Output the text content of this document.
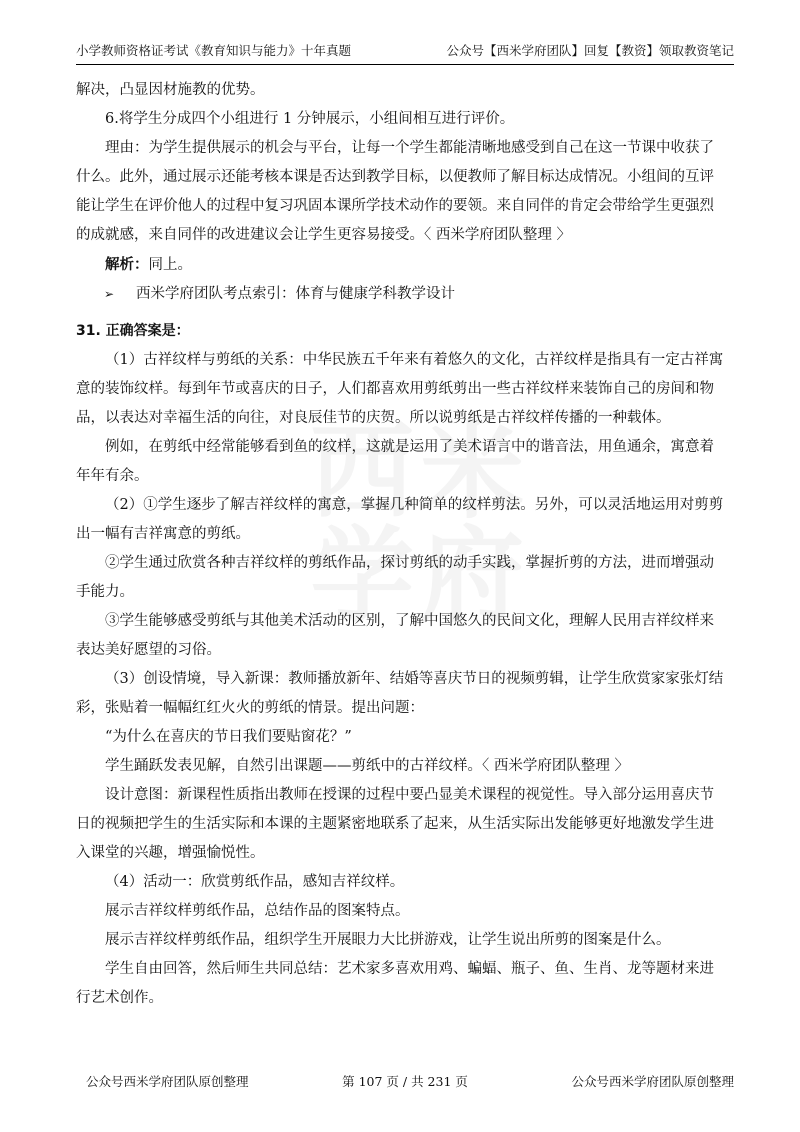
小学教师资格证考试《教育知识与能力》十年真题	公众号【西米学府团队】回复【教资】领取教资笔记

解决，凸显因材施教的优势。

6.将学生分成四个小组进行 1 分钟展示，小组间相互进行评价。

理由：为学生提供展示的机会与平台，让每一个学生都能清晰地感受到自己在这一节课中收获了什么。此外，通过展示还能考核本课是否达到教学目标，以便教师了解目标达成情况。小组间的互评能让学生在评价他人的过程中复习巩固本课所学技术动作的要领。来自同伴的肯定会带给学生更强烈的成就感，来自同伴的改进建议会让学生更容易接受。〈 西米学府团队整理 〉

解析：同上。

➢ 西米学府团队考点索引：体育与健康学科教学设计

31. 正确答案是：

（1）古祥纹样与剪纸的关系：中华民族五千年来有着悠久的文化，古祥纹样是指具有一定古祥寓意的装饰纹样。每到年节或喜庆的日子，人们都喜欢用剪纸剪出一些古祥纹样来装饰自己的房间和物品，以表达对幸福生活的向往，对良辰佳节的庆贺。所以说剪纸是古祥纹样传播的一种载体。

例如，在剪纸中经常能够看到鱼的纹样，这就是运用了美术语言中的谐音法，用鱼通余，寓意着年年有余。

（2）①学生逐步了解吉祥纹样的寓意，掌握几种简单的纹样剪法。另外，可以灵活地运用对剪剪出一幅有吉祥寓意的剪纸。

②学生通过欣赏各种吉祥纹样的剪纸作品，探讨剪纸的动手实践，掌握折剪的方法，进而增强动手能力。

③学生能够感受剪纸与其他美术活动的区别，了解中国悠久的民间文化，理解人民用吉祥纹样来表达美好愿望的习俗。

（3）创设情境，导入新课：教师播放新年、结婚等喜庆节日的视频剪辑，让学生欣赏家家张灯结彩，张贴着一幅幅红红火火的剪纸的情景。提出问题：

“为什么在喜庆的节日我们要贴窗花？”

学生踊跃发表见解，自然引出课题——剪纸中的古祥纹样。〈 西米学府团队整理 〉

设计意图：新课程性质指出教师在授课的过程中要凸显美术课程的视觉性。导入部分运用喜庆节日的视频把学生的生活实际和本课的主题紧密地联系了起来，从生活实际出发能够更好地激发学生进入课堂的兴趣，增强愉悦性。

（4）活动一：欣赏剪纸作品，感知吉祥纹样。

展示吉祥纹样剪纸作品，总结作品的图案特点。

展示吉祥纹样剪纸作品，组织学生开展眼力大比拼游戏，让学生说出所剪的图案是什么。

学生自由回答，然后师生共同总结：艺术家多喜欢用鸡、蝙蝠、瓶子、鱼、生肖、龙等题材来进行艺术创作。

公众号西米学府团队原创整理	第 107 页 / 共 231 页	公众号西米学府团队原创整理
